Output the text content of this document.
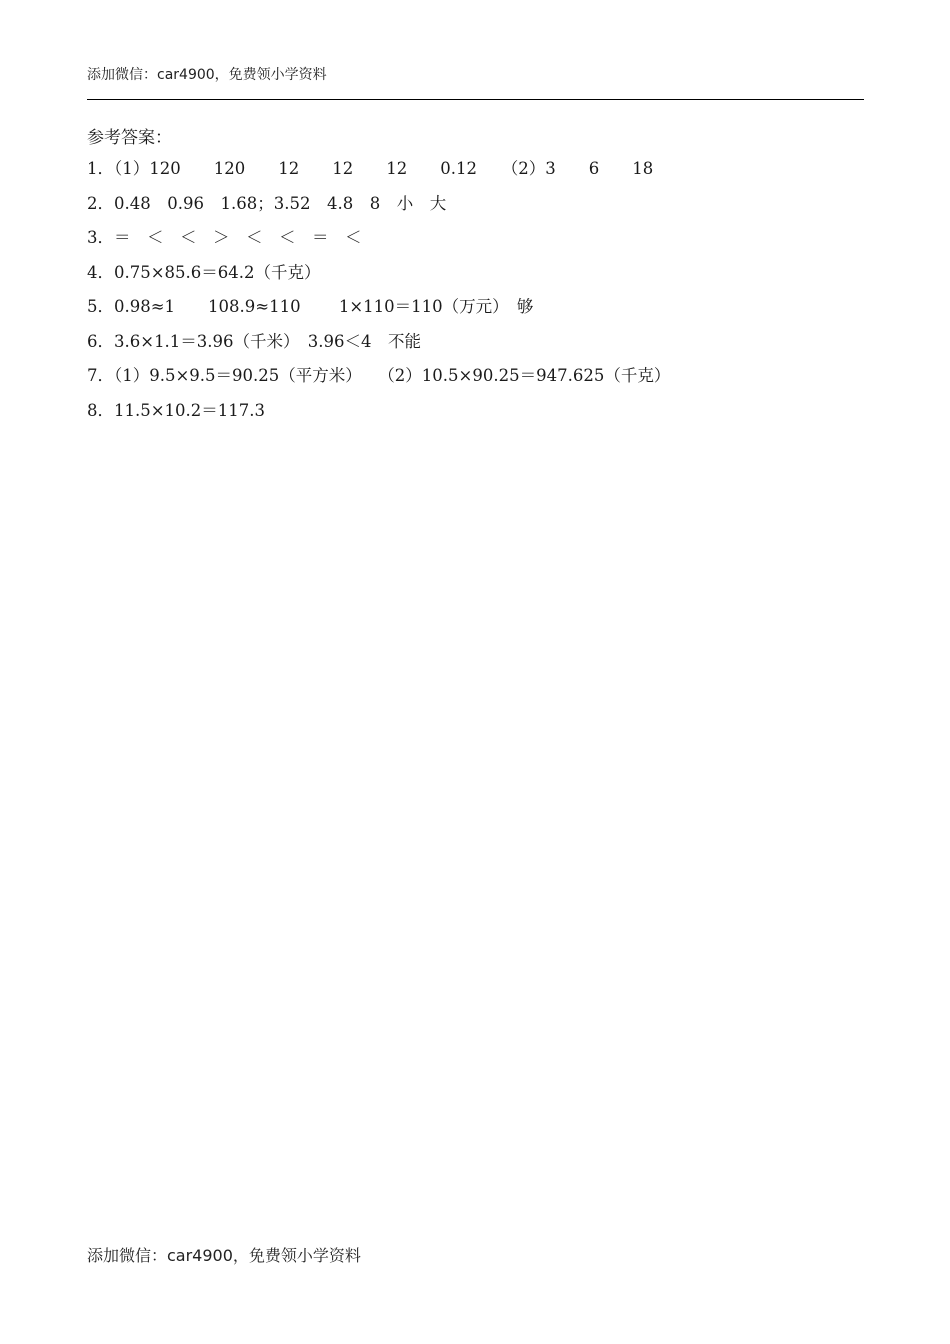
添加微信：car4900，免费领小学资料
参考答案：
1．（1）120　　120　　12　　12　　12　　0.12　　（2）3　　6　　18
2．0.48　0.96　1.68；3.52　4.8　8　小　大
3．＝　＜　＜　＞　＜　＜　＝　＜
4．0.75×85.6＝64.2（千克）
5．0.98≈1　　108.9≈110　　 1×110＝110（万元）　够
6．3.6×1.1＝3.96（千米）　3.96＜4　不能
7．（1）9.5×9.5＝90.25（平方米）　　（2）10.5×90.25＝947.625（千克）
8．11.5×10.2＝117.3
添加微信：car4900，免费领小学资料
